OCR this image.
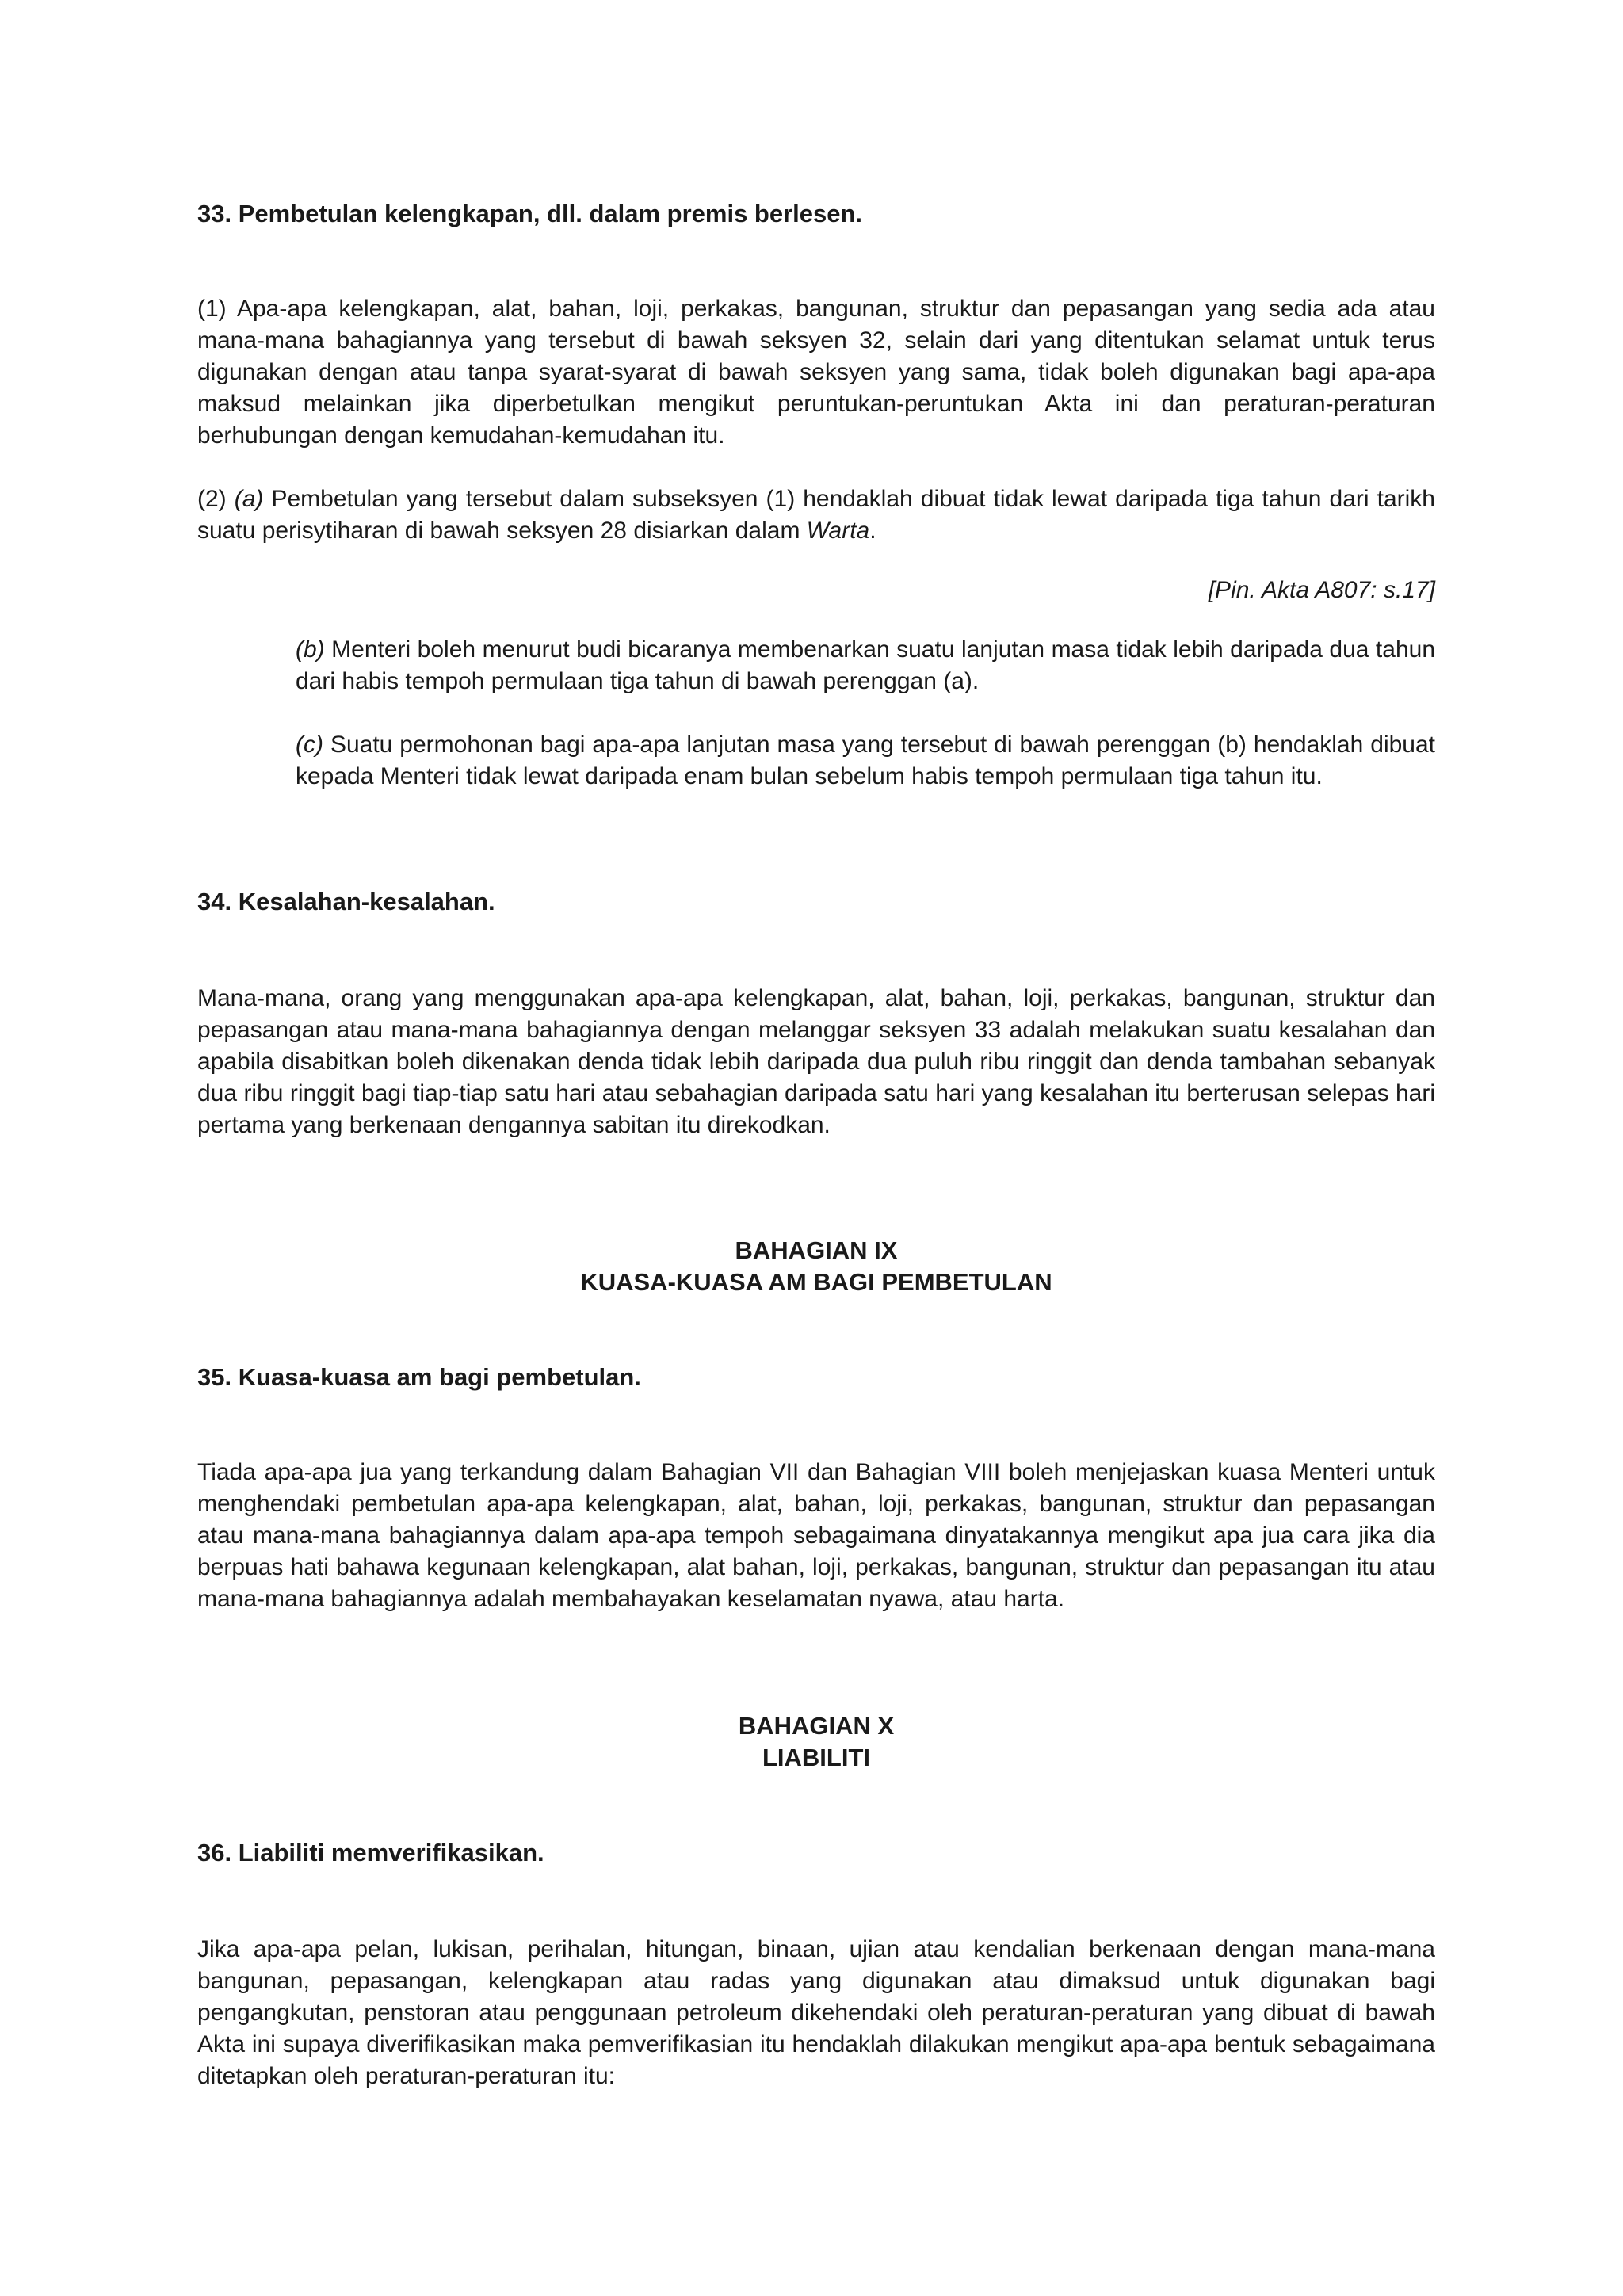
33. Pembetulan kelengkapan, dll. dalam premis berlesen.

(1) Apa-apa kelengkapan, alat, bahan, loji, perkakas, bangunan, struktur dan pepasangan yang sedia ada atau mana-mana bahagiannya yang tersebut di bawah seksyen 32, selain dari yang ditentukan selamat untuk terus digunakan dengan atau tanpa syarat-syarat di bawah seksyen yang sama, tidak boleh digunakan bagi apa-apa maksud melainkan jika diperbetulkan mengikut peruntukan-peruntukan Akta ini dan peraturan-peraturan berhubungan dengan kemudahan-kemudahan itu.

(2) (a) Pembetulan yang tersebut dalam subseksyen (1) hendaklah dibuat tidak lewat daripada tiga tahun dari tarikh suatu perisytiharan di bawah seksyen 28 disiarkan dalam Warta.

[Pin. Akta A807: s.17]

(b) Menteri boleh menurut budi bicaranya membenarkan suatu lanjutan masa tidak lebih daripada dua tahun dari habis tempoh permulaan tiga tahun di bawah perenggan (a).

(c) Suatu permohonan bagi apa-apa lanjutan masa yang tersebut di bawah perenggan (b) hendaklah dibuat kepada Menteri tidak lewat daripada enam bulan sebelum habis tempoh permulaan tiga tahun itu.

34. Kesalahan-kesalahan.

Mana-mana, orang yang menggunakan apa-apa kelengkapan, alat, bahan, loji, perkakas, bangunan, struktur dan pepasangan atau mana-mana bahagiannya dengan melanggar seksyen 33 adalah melakukan suatu kesalahan dan apabila disabitkan boleh dikenakan denda tidak lebih daripada dua puluh ribu ringgit dan denda tambahan sebanyak dua ribu ringgit bagi tiap-tiap satu hari atau sebahagian daripada satu hari yang kesalahan itu berterusan selepas hari pertama yang berkenaan dengannya sabitan itu direkodkan.

BAHAGIAN IX
KUASA-KUASA AM BAGI PEMBETULAN

35. Kuasa-kuasa am bagi pembetulan.

Tiada apa-apa jua yang terkandung dalam Bahagian VII dan Bahagian VIII boleh menjejaskan kuasa Menteri untuk menghendaki pembetulan apa-apa kelengkapan, alat, bahan, loji, perkakas, bangunan, struktur dan pepasangan atau mana-mana bahagiannya dalam apa-apa tempoh sebagaimana dinyatakannya mengikut apa jua cara jika dia berpuas hati bahawa kegunaan kelengkapan, alat bahan, loji, perkakas, bangunan, struktur dan pepasangan itu atau mana-mana bahagiannya adalah membahayakan keselamatan nyawa, atau harta.

BAHAGIAN X
LIABILITI

36. Liabiliti memverifikasikan.

Jika apa-apa pelan, lukisan, perihalan, hitungan, binaan, ujian atau kendalian berkenaan dengan mana-mana bangunan, pepasangan, kelengkapan atau radas yang digunakan atau dimaksud untuk digunakan bagi pengangkutan, penstoran atau penggunaan petroleum dikehendaki oleh peraturan-peraturan yang dibuat di bawah Akta ini supaya diverifikasikan maka pemverifikasian itu hendaklah dilakukan mengikut apa-apa bentuk sebagaimana ditetapkan oleh peraturan-peraturan itu:
